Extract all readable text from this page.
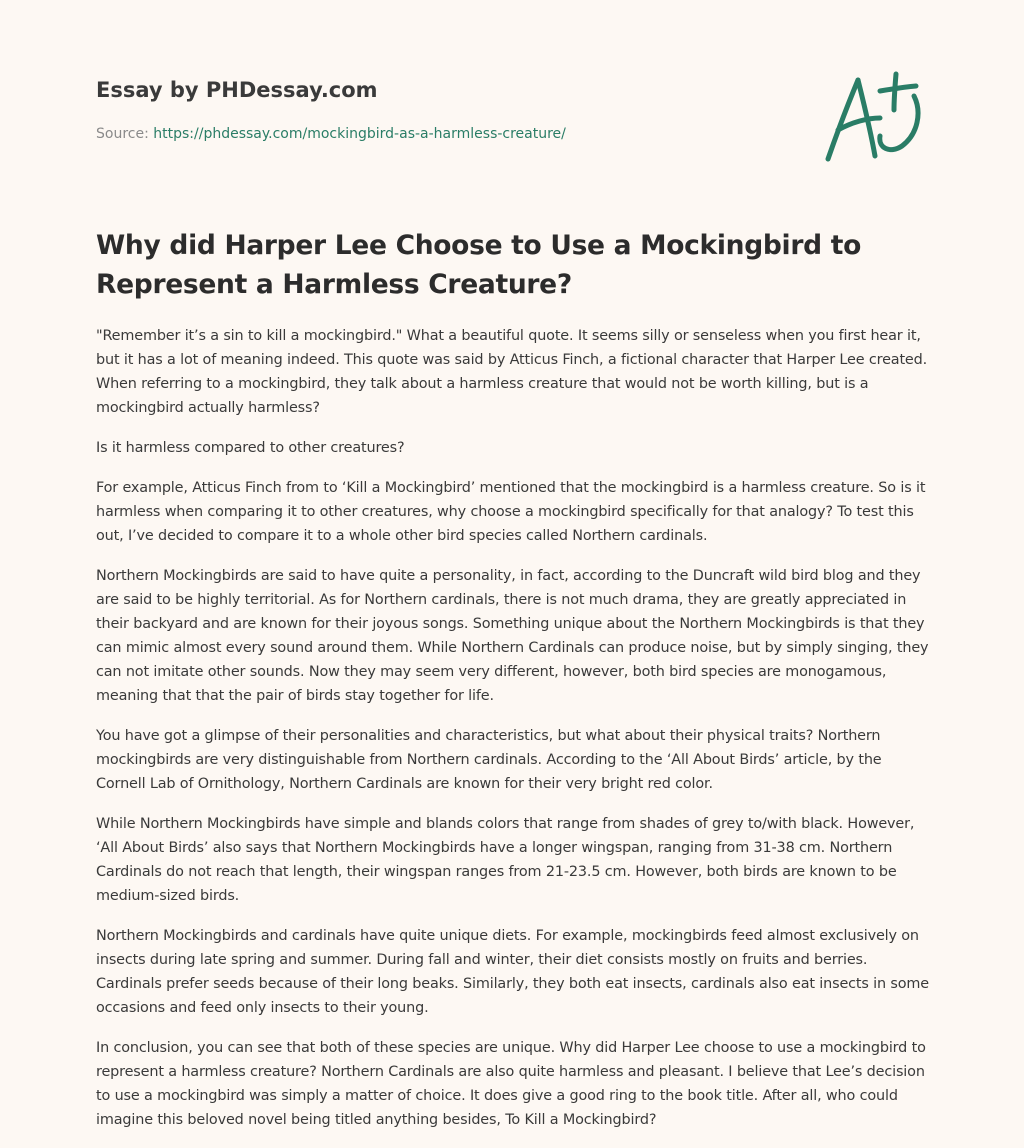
Essay by PHDessay.com
Source: https://phdessay.com/mockingbird-as-a-harmless-creature/
Why did Harper Lee Choose to Use a Mockingbird to Represent a Harmless Creature?

"Remember it’s a sin to kill a mockingbird." What a beautiful quote. It seems silly or senseless when you first hear it, but it has a lot of meaning indeed. This quote was said by Atticus Finch, a fictional character that Harper Lee created. When referring to a mockingbird, they talk about a harmless creature that would not be worth killing, but is a mockingbird actually harmless?

Is it harmless compared to other creatures?

For example, Atticus Finch from to ‘Kill a Mockingbird’ mentioned that the mockingbird is a harmless creature. So is it harmless when comparing it to other creatures, why choose a mockingbird specifically for that analogy? To test this out, I’ve decided to compare it to a whole other bird species called Northern cardinals.

Northern Mockingbirds are said to have quite a personality, in fact, according to the Duncraft wild bird blog and they are said to be highly territorial. As for Northern cardinals, there is not much drama, they are greatly appreciated in their backyard and are known for their joyous songs. Something unique about the Northern Mockingbirds is that they can mimic almost every sound around them. While Northern Cardinals can produce noise, but by simply singing, they can not imitate other sounds. Now they may seem very different, however, both bird species are monogamous, meaning that that the pair of birds stay together for life.

You have got a glimpse of their personalities and characteristics, but what about their physical traits? Northern mockingbirds are very distinguishable from Northern cardinals. According to the ‘All About Birds’ article, by the Cornell Lab of Ornithology, Northern Cardinals are known for their very bright red color.

While Northern Mockingbirds have simple and blands colors that range from shades of grey to/with black. However, ‘All About Birds’ also says that Northern Mockingbirds have a longer wingspan, ranging from 31-38 cm. Northern Cardinals do not reach that length, their wingspan ranges from 21-23.5 cm. However, both birds are known to be medium-sized birds.

Northern Mockingbirds and cardinals have quite unique diets. For example, mockingbirds feed almost exclusively on insects during late spring and summer. During fall and winter, their diet consists mostly on fruits and berries. Cardinals prefer seeds because of their long beaks. Similarly, they both eat insects, cardinals also eat insects in some occasions and feed only insects to their young.

In conclusion, you can see that both of these species are unique. Why did Harper Lee choose to use a mockingbird to represent a harmless creature? Northern Cardinals are also quite harmless and pleasant. I believe that Lee’s decision to use a mockingbird was simply a matter of choice. It does give a good ring to the book title. After all, who could imagine this beloved novel being titled anything besides, To Kill a Mockingbird?
